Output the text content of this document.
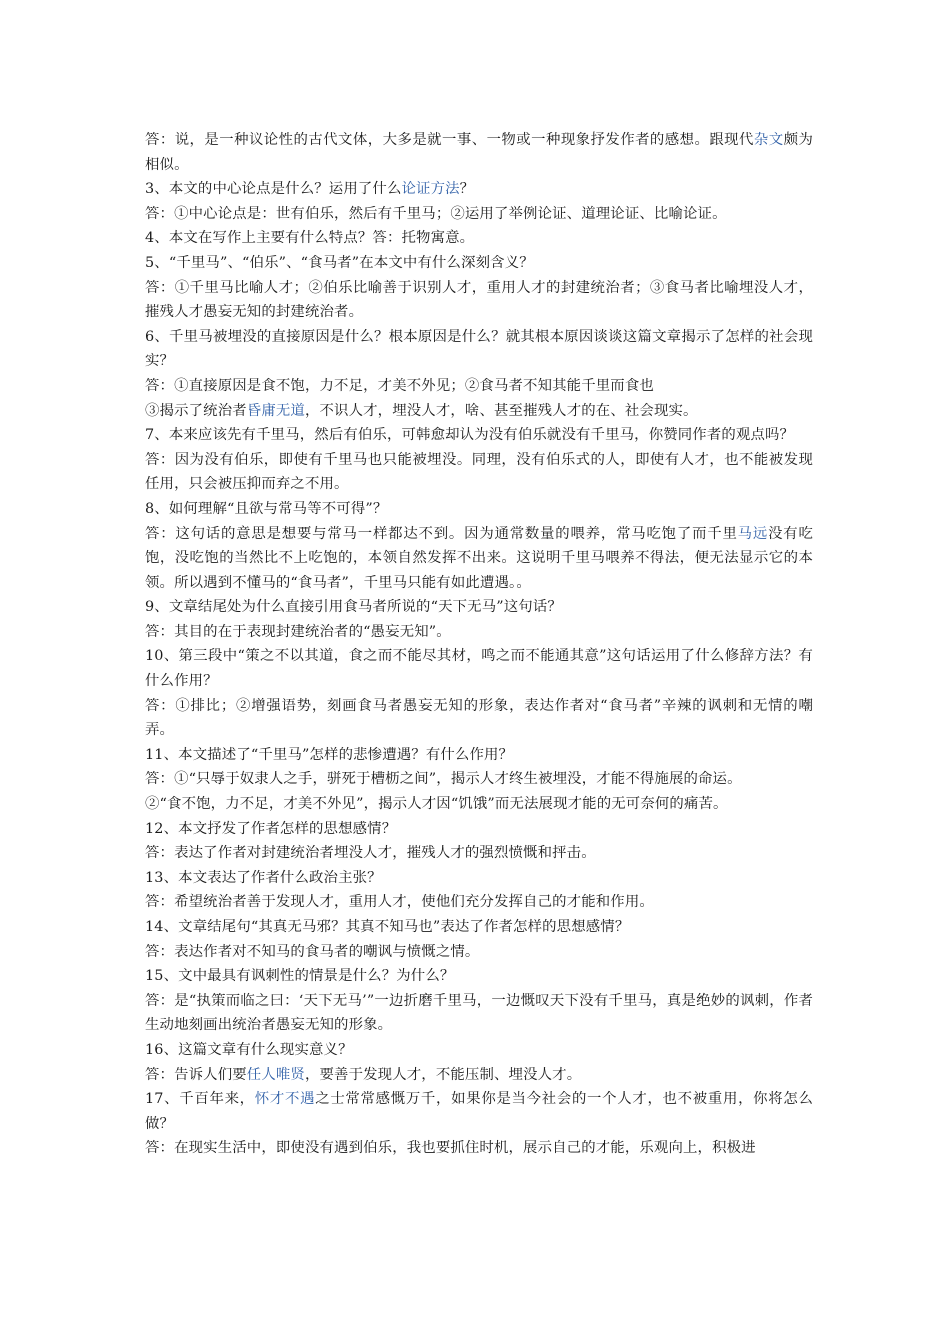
答：说，是一种议论性的古代文体，大多是就一事、一物或一种现象抒发作者的感想。跟现代杂文颇为相似。

3、本文的中心论点是什么？运用了什么论证方法？

答：①中心论点是：世有伯乐，然后有千里马；②运用了举例论证、道理论证、比喻论证。

4、本文在写作上主要有什么特点？答：托物寓意。

5、“千里马”、“伯乐”、“食马者”在本文中有什么深刻含义？

答：①千里马比喻人才；②伯乐比喻善于识别人才，重用人才的封建统治者；③食马者比喻埋没人才，摧残人才愚妄无知的封建统治者。

6、千里马被埋没的直接原因是什么？根本原因是什么？就其根本原因谈谈这篇文章揭示了怎样的社会现实？

答：①直接原因是食不饱，力不足，才美不外见；②食马者不知其能千里而食也

③揭示了统治者昏庸无道，不识人才，埋没人才，啥、甚至摧残人才的在、社会现实。

7、本来应该先有千里马，然后有伯乐，可韩愈却认为没有伯乐就没有千里马，你赞同作者的观点吗？

答：因为没有伯乐，即使有千里马也只能被埋没。同理，没有伯乐式的人，即使有人才，也不能被发现任用，只会被压抑而弃之不用。

8、如何理解“且欲与常马等不可得”？

答：这句话的意思是想要与常马一样都达不到。因为通常数量的喂养，常马吃饱了而千里马远没有吃饱，没吃饱的当然比不上吃饱的，本领自然发挥不出来。这说明千里马喂养不得法，便无法显示它的本领。所以遇到不懂马的“食马者”，千里马只能有如此遭遇。。

9、文章结尾处为什么直接引用食马者所说的“天下无马”这句话？

答：其目的在于表现封建统治者的“愚妄无知”。

10、第三段中“策之不以其道，食之而不能尽其材，鸣之而不能通其意”这句话运用了什么修辞方法？有什么作用？

答：①排比；②增强语势，刻画食马者愚妄无知的形象，表达作者对“食马者”辛辣的讽刺和无情的嘲弄。

11、本文描述了“千里马”怎样的悲惨遭遇？有什么作用？

答：①“只辱于奴隶人之手，骈死于槽枥之间”，揭示人才终生被埋没，才能不得施展的命运。

②“食不饱，力不足，才美不外见”，揭示人才因“饥饿”而无法展现才能的无可奈何的痛苦。

12、本文抒发了作者怎样的思想感情？

答：表达了作者对封建统治者埋没人才，摧残人才的强烈愤慨和抨击。

13、本文表达了作者什么政治主张？

答：希望统治者善于发现人才，重用人才，使他们充分发挥自己的才能和作用。

14、文章结尾句“其真无马邪？其真不知马也”表达了作者怎样的思想感情？

答：表达作者对不知马的食马者的嘲讽与愤慨之情。

15、文中最具有讽刺性的情景是什么？为什么？

答：是“执策而临之曰：‘天下无马’”一边折磨千里马，一边慨叹天下没有千里马，真是绝妙的讽刺，作者生动地刻画出统治者愚妄无知的形象。

16、这篇文章有什么现实意义？

答：告诉人们要任人唯贤，要善于发现人才，不能压制、埋没人才。

17、千百年来，怀才不遇之士常常感慨万千，如果你是当今社会的一个人才，也不被重用，你将怎么做？

答：在现实生活中，即使没有遇到伯乐，我也要抓住时机，展示自己的才能，乐观向上，积极进
